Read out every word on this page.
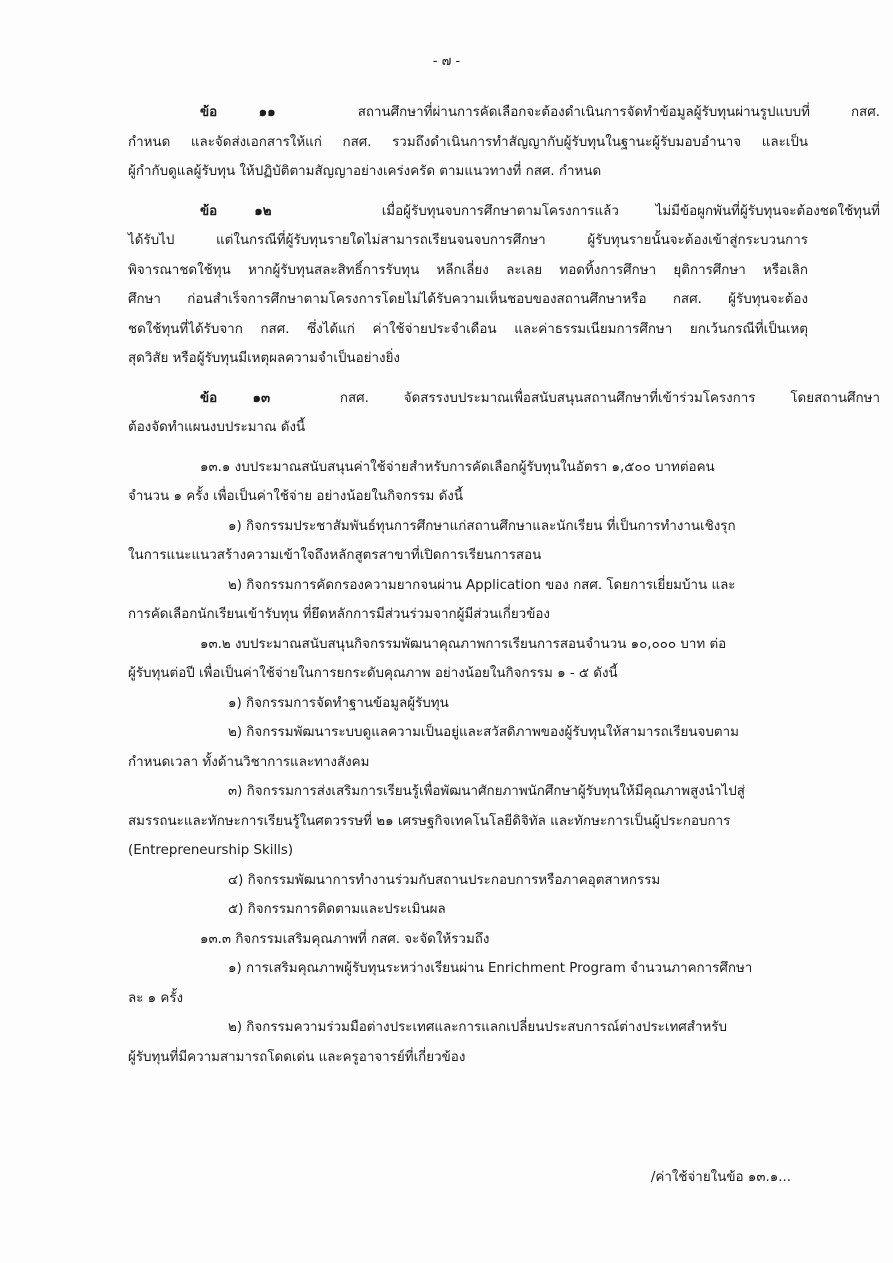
- ๗ -
ข้อ ๑๑	สถานศึกษาที่ผ่านการคัดเลือกจะต้องดำเนินการจัดทำข้อมูลผู้รับทุนผ่านรูปแบบที่ กสศ.
กำหนด และจัดส่งเอกสารให้แก่ กสศ. รวมถึงดำเนินการทำสัญญากับผู้รับทุนในฐานะผู้รับมอบอำนาจ และเป็น
ผู้กำกับดูแลผู้รับทุน ให้ปฏิบัติตามสัญญาอย่างเคร่งครัด ตามแนวทางที่ กสศ. กำหนด
ข้อ ๑๒	เมื่อผู้รับทุนจบการศึกษาตามโครงการแล้ว ไม่มีข้อผูกพันที่ผู้รับทุนจะต้องชดใช้ทุนที่
ได้รับไป แต่ในกรณีที่ผู้รับทุนรายใดไม่สามารถเรียนจนจบการศึกษา ผู้รับทุนรายนั้นจะต้องเข้าสู่กระบวนการ
พิจารณาชดใช้ทุน หากผู้รับทุนสละสิทธิ์การรับทุน หลีกเลี่ยง ละเลย ทอดทิ้งการศึกษา ยุติการศึกษา หรือเลิก
ศึกษา ก่อนสำเร็จการศึกษาตามโครงการโดยไม่ได้รับความเห็นชอบของสถานศึกษาหรือ กสศ. ผู้รับทุนจะต้อง
ชดใช้ทุนที่ได้รับจาก กสศ. ซึ่งได้แก่ ค่าใช้จ่ายประจำเดือน และค่าธรรมเนียมการศึกษา ยกเว้นกรณีที่เป็นเหตุ
สุดวิสัย หรือผู้รับทุนมีเหตุผลความจำเป็นอย่างยิ่ง
ข้อ ๑๓	กสศ. จัดสรรงบประมาณเพื่อสนับสนุนสถานศึกษาที่เข้าร่วมโครงการ โดยสถานศึกษา
ต้องจัดทำแผนงบประมาณ ดังนี้
๑๓.๑ งบประมาณสนับสนุนค่าใช้จ่ายสำหรับการคัดเลือกผู้รับทุนในอัตรา ๑,๕๐๐ บาทต่อคน
จำนวน ๑ ครั้ง เพื่อเป็นค่าใช้จ่าย อย่างน้อยในกิจกรรม ดังนี้
๑) กิจกรรมประชาสัมพันธ์ทุนการศึกษาแก่สถานศึกษาและนักเรียน ที่เป็นการทำงานเชิงรุก
ในการแนะแนวสร้างความเข้าใจถึงหลักสูตรสาขาที่เปิดการเรียนการสอน
๒) กิจกรรมการคัดกรองความยากจนผ่าน Application ของ กสศ. โดยการเยี่ยมบ้าน และ
การคัดเลือกนักเรียนเข้ารับทุน ที่ยึดหลักการมีส่วนร่วมจากผู้มีส่วนเกี่ยวข้อง
๑๓.๒ งบประมาณสนับสนุนกิจกรรมพัฒนาคุณภาพการเรียนการสอนจำนวน ๑๐,๐๐๐ บาท ต่อ
ผู้รับทุนต่อปี เพื่อเป็นค่าใช้จ่ายในการยกระดับคุณภาพ อย่างน้อยในกิจกรรม ๑ - ๕ ดังนี้
๑) กิจกรรมการจัดทำฐานข้อมูลผู้รับทุน
๒) กิจกรรมพัฒนาระบบดูแลความเป็นอยู่และสวัสดิภาพของผู้รับทุนให้สามารถเรียนจบตาม
กำหนดเวลา ทั้งด้านวิชาการและทางสังคม
๓) กิจกรรมการส่งเสริมการเรียนรู้เพื่อพัฒนาศักยภาพนักศึกษาผู้รับทุนให้มีคุณภาพสูงนำไปสู่
สมรรถนะและทักษะการเรียนรู้ในศตวรรษที่ ๒๑ เศรษฐกิจเทคโนโลยีดิจิทัล และทักษะการเป็นผู้ประกอบการ
(Entrepreneurship Skills)
๔) กิจกรรมพัฒนาการทำงานร่วมกับสถานประกอบการหรือภาคอุตสาหกรรม
๕) กิจกรรมการติดตามและประเมินผล
๑๓.๓ กิจกรรมเสริมคุณภาพที่ กสศ. จะจัดให้รวมถึง
๑) การเสริมคุณภาพผู้รับทุนระหว่างเรียนผ่าน Enrichment Program จำนวนภาคการศึกษา
ละ ๑ ครั้ง
๒) กิจกรรมความร่วมมือต่างประเทศและการแลกเปลี่ยนประสบการณ์ต่างประเทศสำหรับ
ผู้รับทุนที่มีความสามารถโดดเด่น และครูอาจารย์ที่เกี่ยวข้อง
/ค่าใช้จ่ายในข้อ ๑๓.๑...
